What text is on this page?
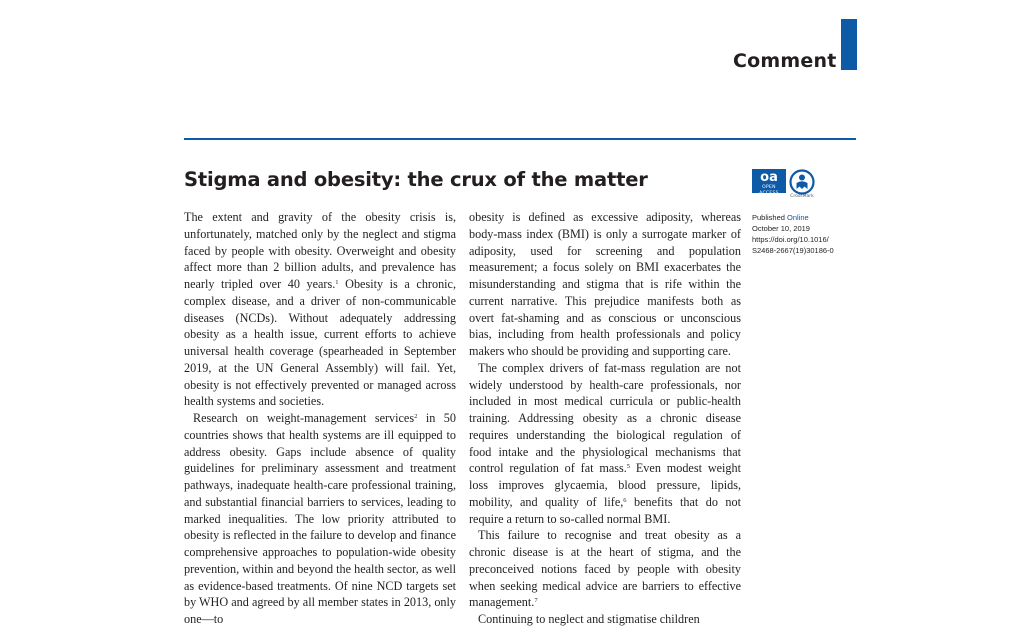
Comment
Stigma and obesity: the crux of the matter

The extent and gravity of the obesity crisis is, unfortunately, matched only by the neglect and stigma faced by people with obesity. Overweight and obesity affect more than 2 billion adults, and prevalence has nearly tripled over 40 years.$^1$ Obesity is a chronic, complex disease, and a driver of non-communicable diseases (NCDs). Without adequately addressing obesity as a health issue, current efforts to achieve universal health coverage (spearheaded in September 2019, at the UN General Assembly) will fail. Yet, obesity is not effectively prevented or managed across health systems and societies.

Research on weight-management services$^2$ in 50 countries shows that health systems are ill equipped to address obesity. Gaps include absence of quality guidelines for preliminary assessment and treatment pathways, inadequate health-care professional training, and substantial financial barriers to services, leading to marked inequalities. The low priority attributed to obesity is reflected in the failure to develop and finance comprehensive approaches to population-wide obesity prevention, within and beyond the health sector, as well as evidence-based treatments. Of nine NCD targets set by WHO and agreed by all member states in 2013, only one—to

obesity is defined as excessive adiposity, whereas body-mass index (BMI) is only a surrogate marker of adiposity, used for screening and population measurement; a focus solely on BMI exacerbates the misunderstanding and stigma that is rife within the current narrative. This prejudice manifests both as overt fat-shaming and as conscious or unconscious bias, including from health professionals and policy makers who should be providing and supporting care.

The complex drivers of fat-mass regulation are not widely understood by health-care professionals, nor included in most medical curricula or public-health training. Addressing obesity as a chronic disease requires understanding the biological regulation of food intake and the physiological mechanisms that control regulation of fat mass.$^5$ Even modest weight loss improves glycaemia, blood pressure, lipids, mobility, and quality of life,$^6$ benefits that do not require a return to so-called normal BMI.

This failure to recognise and treat obesity as a chronic disease is at the heart of stigma, and the preconceived notions faced by people with obesity when seeking medical advice are barriers to effective management.$^7$

Continuing to neglect and stigmatise children

oa
OPEN ACCESS
CrossMark
Published Online
October 10, 2019
https://doi.org/10.1016/
S2468-2667(19)30186-0
